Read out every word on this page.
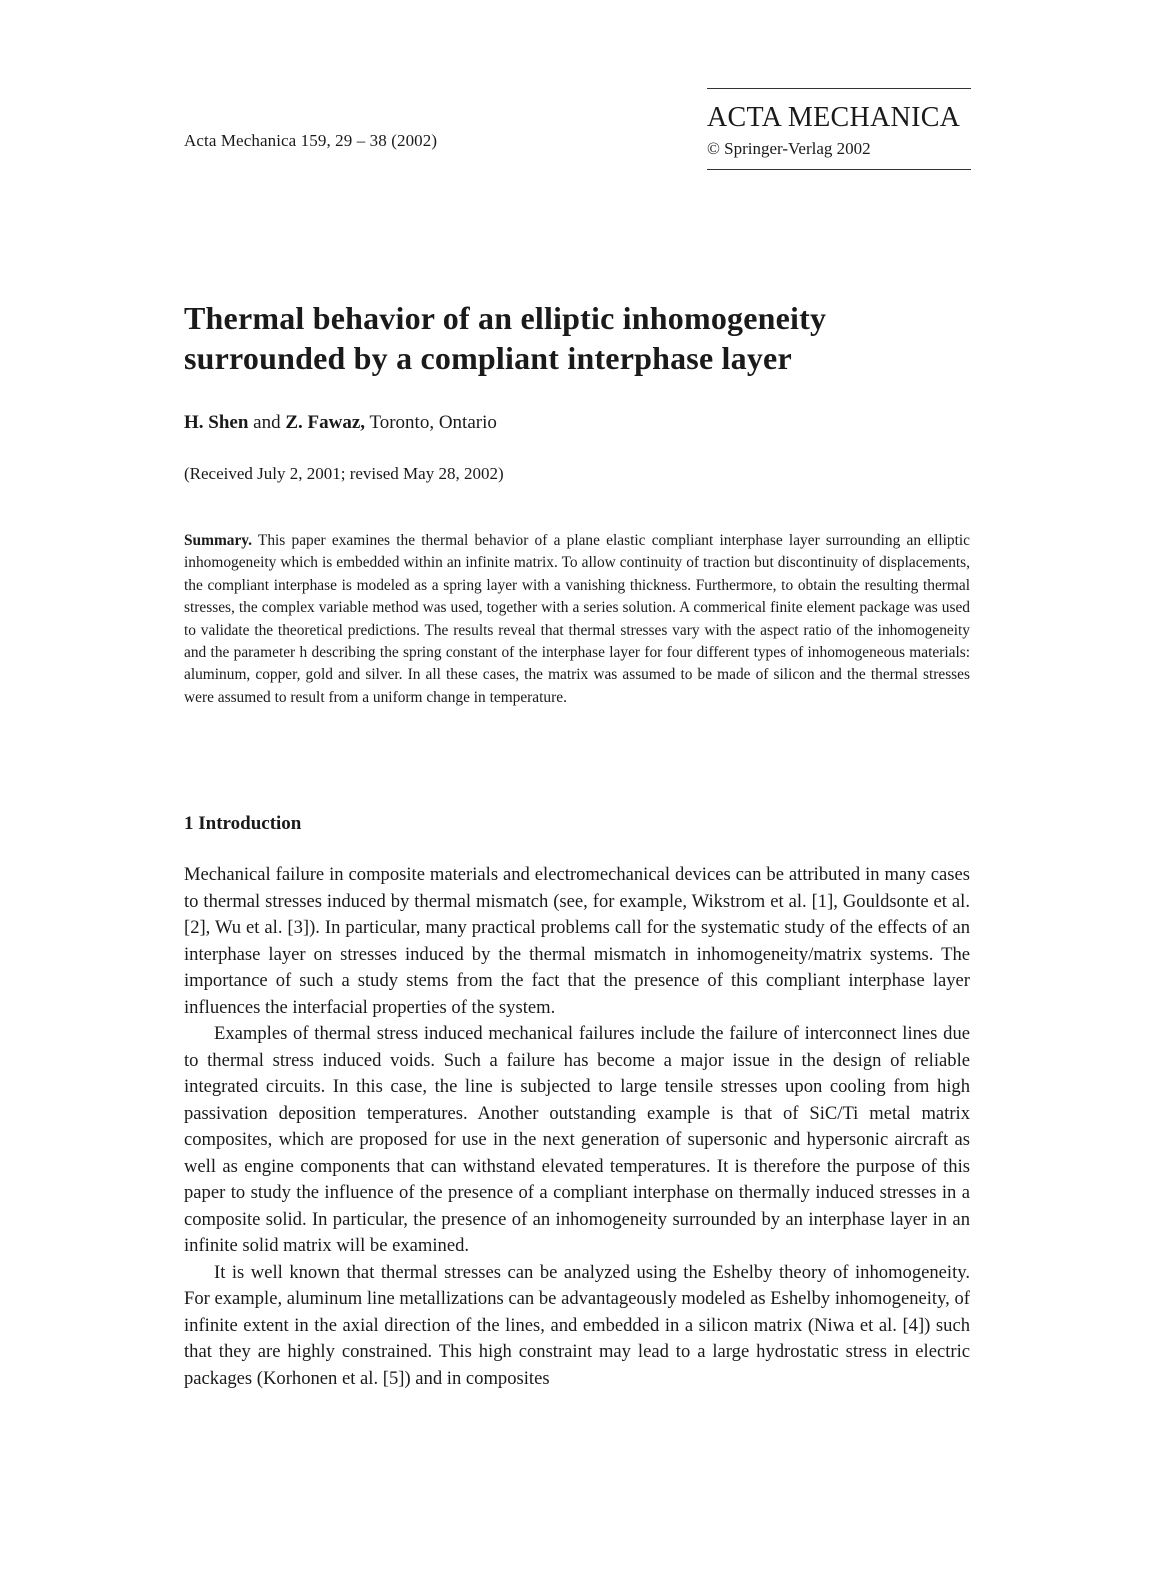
Acta Mechanica 159, 29 – 38 (2002)
ACTA MECHANICA
© Springer-Verlag 2002
Thermal behavior of an elliptic inhomogeneity surrounded by a compliant interphase layer
H. Shen and Z. Fawaz, Toronto, Ontario
(Received July 2, 2001; revised May 28, 2002)
Summary. This paper examines the thermal behavior of a plane elastic compliant interphase layer surrounding an elliptic inhomogeneity which is embedded within an infinite matrix. To allow continuity of traction but discontinuity of displacements, the compliant interphase is modeled as a spring layer with a vanishing thickness. Furthermore, to obtain the resulting thermal stresses, the complex variable method was used, together with a series solution. A commerical finite element package was used to validate the theoretical predictions. The results reveal that thermal stresses vary with the aspect ratio of the inhomogeneity and the parameter h describing the spring constant of the interphase layer for four different types of inhomogeneous materials: aluminum, copper, gold and silver. In all these cases, the matrix was assumed to be made of silicon and the thermal stresses were assumed to result from a uniform change in temperature.
1 Introduction

Mechanical failure in composite materials and electromechanical devices can be attributed in many cases to thermal stresses induced by thermal mismatch (see, for example, Wikstrom et al. [1], Gouldsonte et al. [2], Wu et al. [3]). In particular, many practical problems call for the systematic study of the effects of an interphase layer on stresses induced by the thermal mismatch in inhomogeneity/matrix systems. The importance of such a study stems from the fact that the presence of this compliant interphase layer influences the interfacial properties of the system.

Examples of thermal stress induced mechanical failures include the failure of interconnect lines due to thermal stress induced voids. Such a failure has become a major issue in the design of reliable integrated circuits. In this case, the line is subjected to large tensile stresses upon cooling from high passivation deposition temperatures. Another outstanding example is that of SiC/Ti metal matrix composites, which are proposed for use in the next generation of supersonic and hypersonic aircraft as well as engine components that can withstand elevated temperatures. It is therefore the purpose of this paper to study the influence of the presence of a compliant interphase on thermally induced stresses in a composite solid. In particular, the presence of an inhomogeneity surrounded by an interphase layer in an infinite solid matrix will be examined.

It is well known that thermal stresses can be analyzed using the Eshelby theory of inhomogeneity. For example, aluminum line metallizations can be advantageously modeled as Eshelby inhomogeneity, of infinite extent in the axial direction of the lines, and embedded in a silicon matrix (Niwa et al. [4]) such that they are highly constrained. This high constraint may lead to a large hydrostatic stress in electric packages (Korhonen et al. [5]) and in composites
